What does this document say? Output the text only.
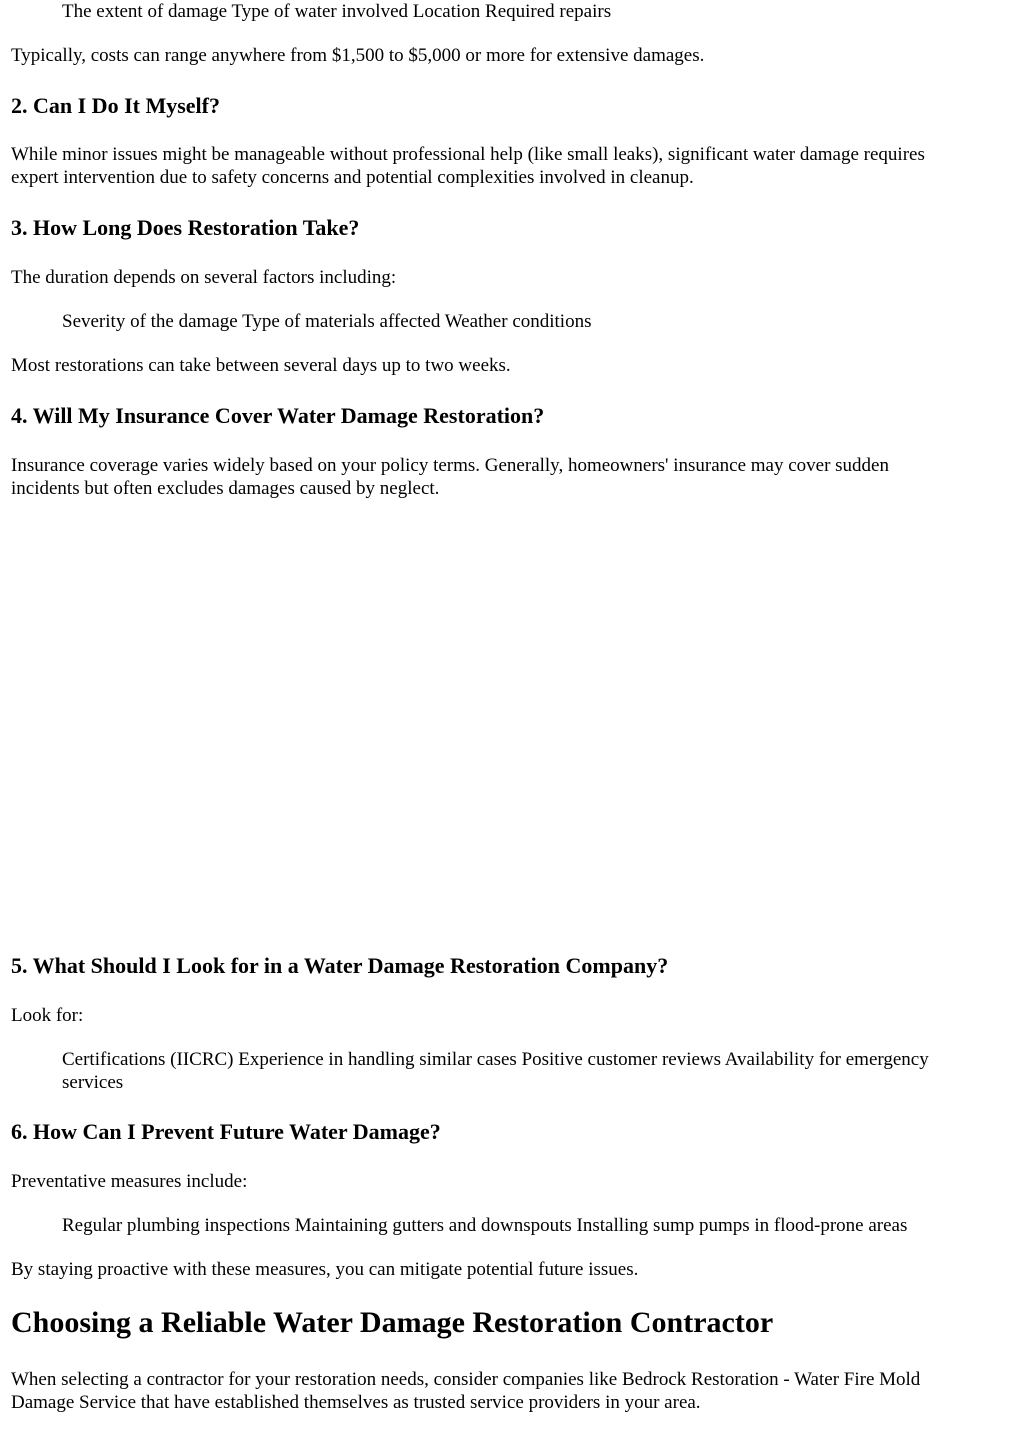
The extent of damage Type of water involved Location Required repairs

Typically, costs can range anywhere from $1,500 to $5,000 or more for extensive damages.

2. Can I Do It Myself?

While minor issues might be manageable without professional help (like small leaks), significant water damage requires

expert intervention due to safety concerns and potential complexities involved in cleanup.

3. How Long Does Restoration Take?

The duration depends on several factors including:

Severity of the damage Type of materials affected Weather conditions

Most restorations can take between several days up to two weeks.

4. Will My Insurance Cover Water Damage Restoration?

Insurance coverage varies widely based on your policy terms. Generally, homeowners' insurance may cover sudden

incidents but often excludes damages caused by neglect.

5. What Should I Look for in a Water Damage Restoration Company?

Look for:

Certifications (IICRC) Experience in handling similar cases Positive customer reviews Availability for emergency

services

6. How Can I Prevent Future Water Damage?

Preventative measures include:

Regular plumbing inspections Maintaining gutters and downspouts Installing sump pumps in flood-prone areas

By staying proactive with these measures, you can mitigate potential future issues.

Choosing a Reliable Water Damage Restoration Contractor

When selecting a contractor for your restoration needs, consider companies like Bedrock Restoration - Water Fire Mold

Damage Service that have established themselves as trusted service providers in your area.
